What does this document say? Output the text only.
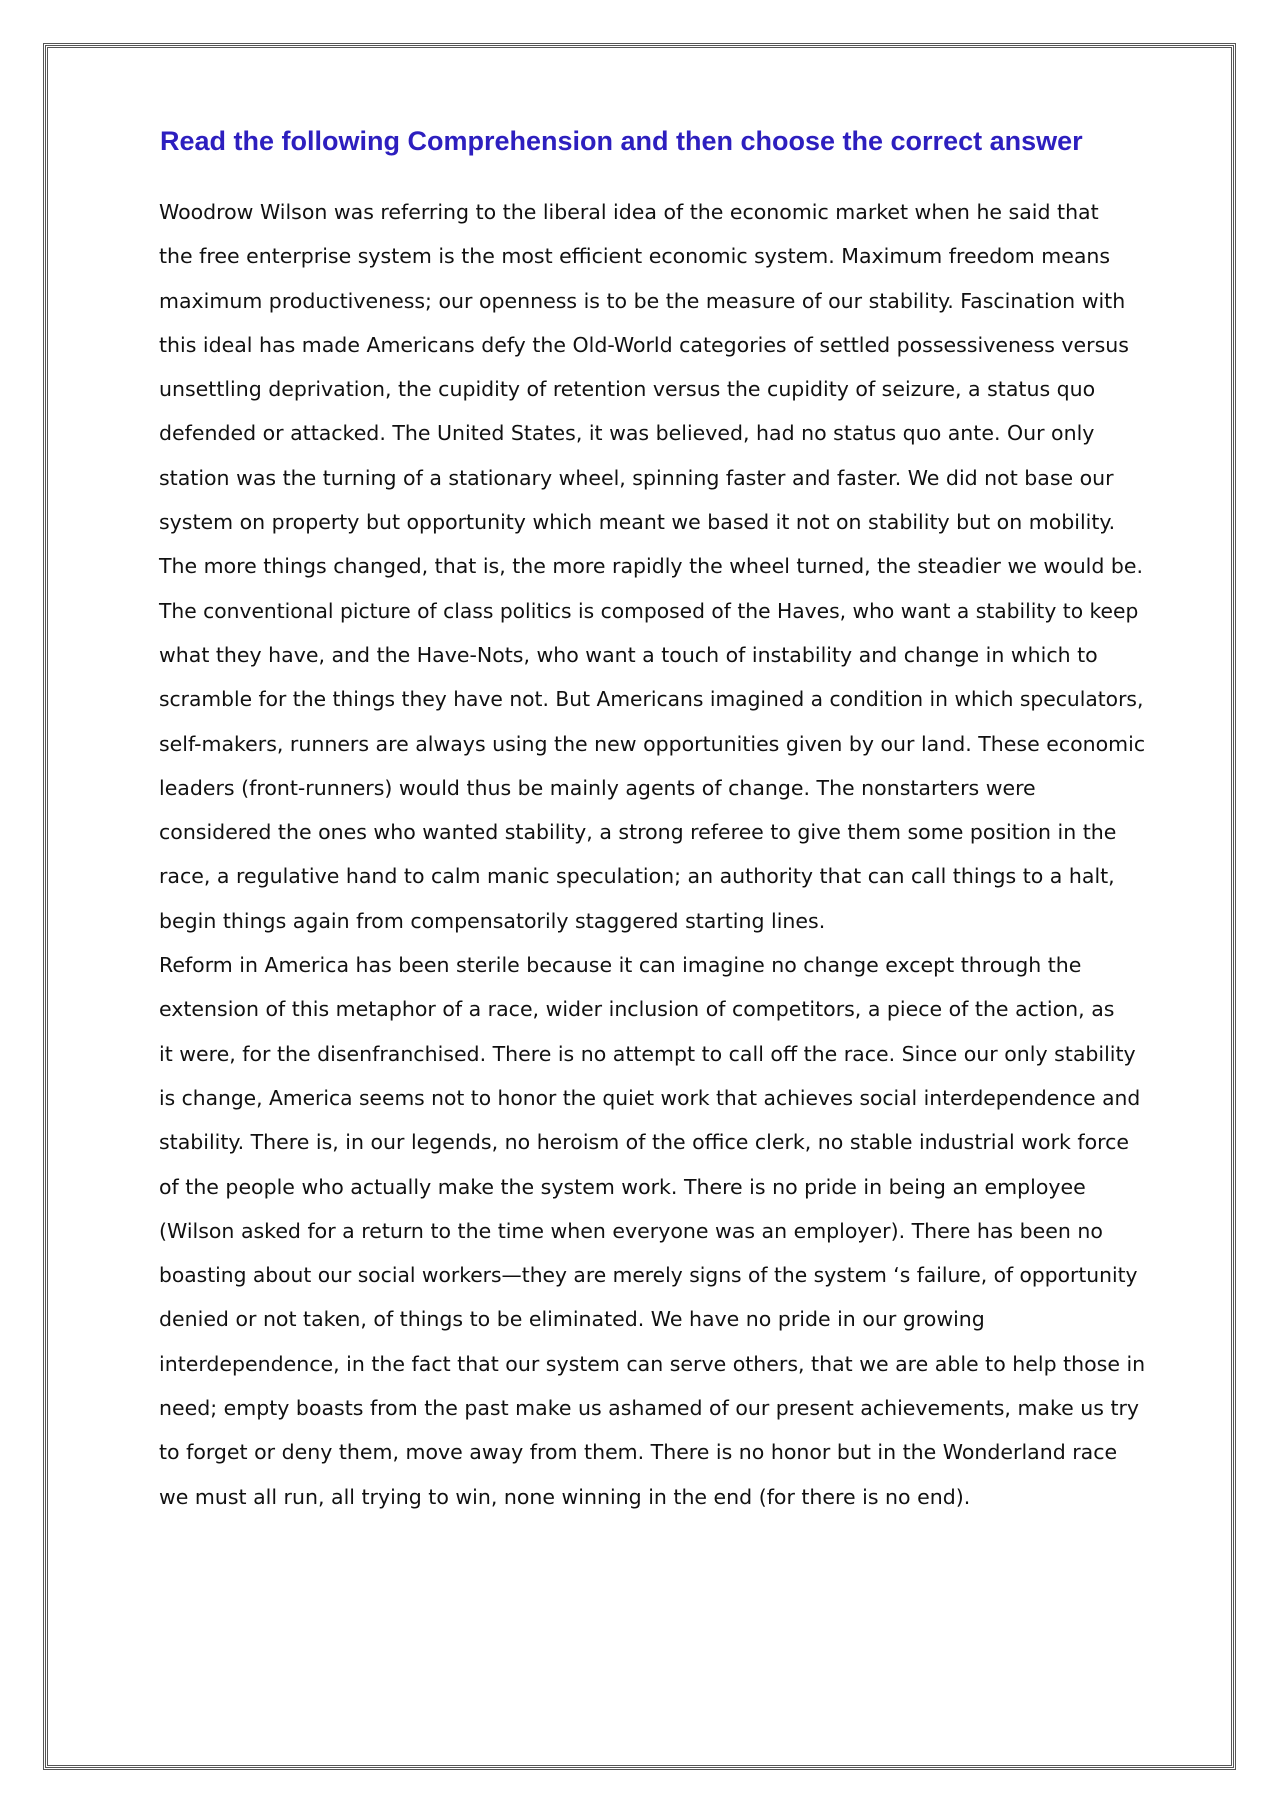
Read the following Comprehension and then choose the correct answer
Woodrow Wilson was referring to the liberal idea of the economic market when he said that
the free enterprise system is the most efficient economic system. Maximum freedom means
maximum productiveness; our openness is to be the measure of our stability. Fascination with
this ideal has made Americans defy the Old-World categories of settled possessiveness versus
unsettling deprivation, the cupidity of retention versus the cupidity of seizure, a status quo
defended or attacked. The United States, it was believed, had no status quo ante. Our only
station was the turning of a stationary wheel, spinning faster and faster. We did not base our
system on property but opportunity which meant we based it not on stability but on mobility.
The more things changed, that is, the more rapidly the wheel turned, the steadier we would be.
The conventional picture of class politics is composed of the Haves, who want a stability to keep
what they have, and the Have-Nots, who want a touch of instability and change in which to
scramble for the things they have not. But Americans imagined a condition in which speculators,
self-makers, runners are always using the new opportunities given by our land. These economic
leaders (front-runners) would thus be mainly agents of change. The nonstarters were
considered the ones who wanted stability, a strong referee to give them some position in the
race, a regulative hand to calm manic speculation; an authority that can call things to a halt,
begin things again from compensatorily staggered starting lines.
Reform in America has been sterile because it can imagine no change except through the
extension of this metaphor of a race, wider inclusion of competitors, a piece of the action, as
it were, for the disenfranchised. There is no attempt to call off the race. Since our only stability
is change, America seems not to honor the quiet work that achieves social interdependence and
stability. There is, in our legends, no heroism of the office clerk, no stable industrial work force
of the people who actually make the system work. There is no pride in being an employee
(Wilson asked for a return to the time when everyone was an employer). There has been no
boasting about our social workers—they are merely signs of the system ‘s failure, of opportunity
denied or not taken, of things to be eliminated. We have no pride in our growing
interdependence, in the fact that our system can serve others, that we are able to help those in
need; empty boasts from the past make us ashamed of our present achievements, make us try
to forget or deny them, move away from them. There is no honor but in the Wonderland race
we must all run, all trying to win, none winning in the end (for there is no end).
